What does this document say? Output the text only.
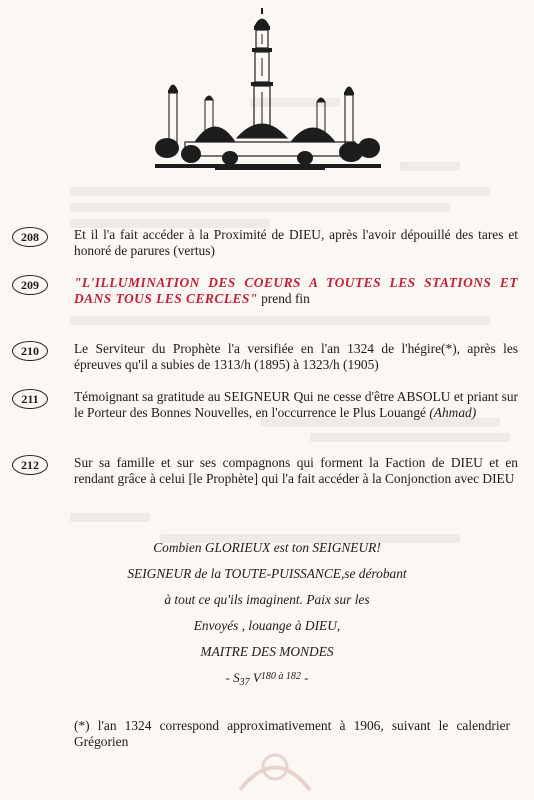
208	Et il l'a fait accéder à la Proximité de DIEU, après l'avoir dépouillé des tares et honoré de parures (vertus)
209	"L'ILLUMINATION DES COEURS A TOUTES LES STATIONS ET DANS TOUS LES CERCLES" prend fin
210	Le Serviteur du Prophète l'a versifiée en l'an 1324 de l'hégire(*), après les épreuves qu'il a subies de 1313/h (1895) à 1323/h (1905)
211	Témoignant sa gratitude au SEIGNEUR Qui ne cesse d'être ABSOLU et priant sur le Porteur des Bonnes Nouvelles, en l'occurrence le Plus Louangé (Ahmad)
212	Sur sa famille et sur ses compagnons qui forment la Faction de DIEU et en rendant grâce à celui [le Prophète] qui l'a fait accéder à la Conjonction avec DIEU
Combien GLORIEUX est ton SEIGNEUR!
SEIGNEUR de la TOUTE-PUISSANCE,se dérobant
à tout ce qu'ils imaginent. Paix sur les
Envoyés , louange à DIEU,
MAITRE DES MONDES
- $S_{37}$ $V^{180 à 182}$ -
(*) l'an 1324 correspond approximativement à 1906, suivant le calendrier Grégorien
